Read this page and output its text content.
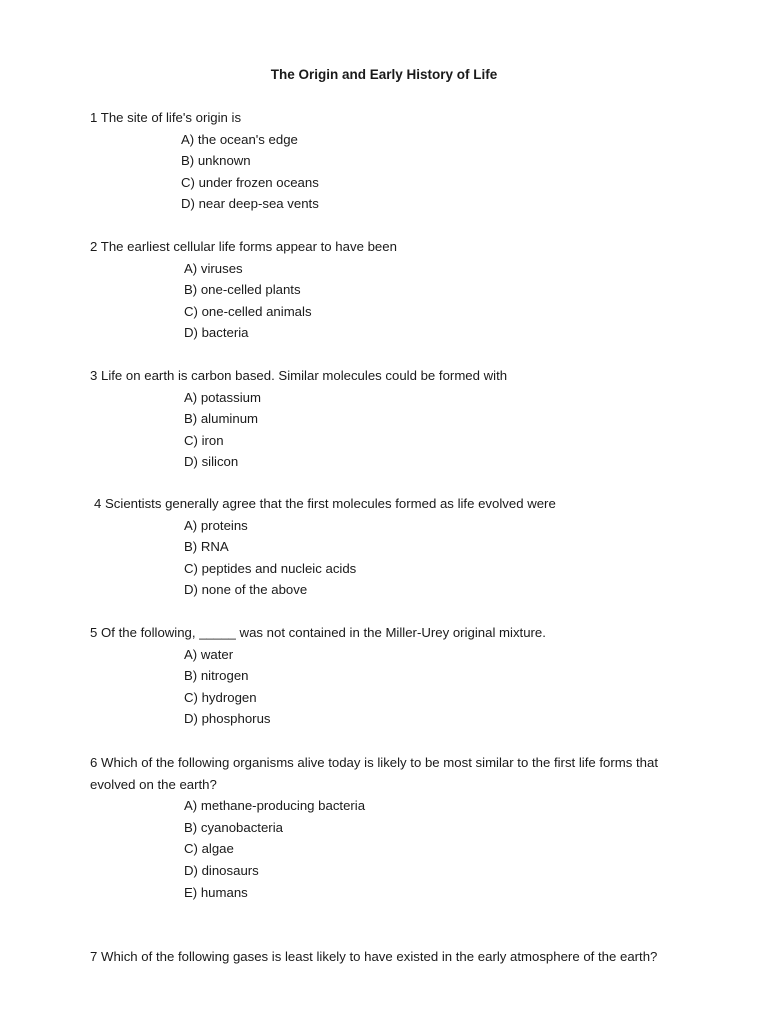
The Origin and Early History of Life
1 The site of life's origin is
A) the ocean's edge
B) unknown
C) under frozen oceans
D) near deep-sea vents
2 The earliest cellular life forms appear to have been
A) viruses
B) one-celled plants
C) one-celled animals
D) bacteria
3 Life on earth is carbon based. Similar molecules could be formed with
A) potassium
B) aluminum
C) iron
D) silicon
4 Scientists generally agree that the first molecules formed as life evolved were
A) proteins
B) RNA
C) peptides and nucleic acids
D) none of the above
5 Of the following, _____ was not contained in the Miller-Urey original mixture.
A) water
B) nitrogen
C) hydrogen
D) phosphorus
6 Which of the following organisms alive today is likely to be most similar to the first life forms that evolved on the earth?
A) methane-producing bacteria
B) cyanobacteria
C) algae
D) dinosaurs
E) humans
7 Which of the following gases is least likely to have existed in the early atmosphere of the earth?
